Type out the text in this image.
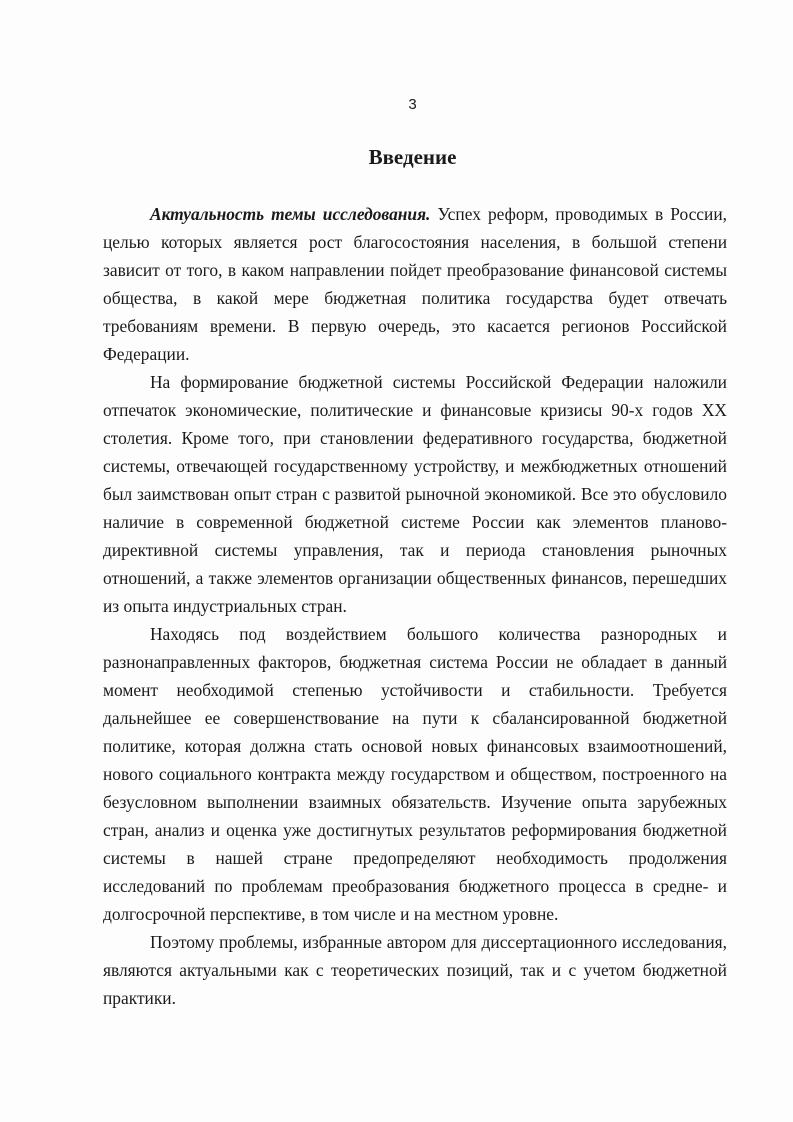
3
Введение

Актуальность темы исследования. Успех реформ, проводимых в России, целью которых является рост благосостояния населения, в большой степени зависит от того, в каком направлении пойдет преобразование финансовой системы общества, в какой мере бюджетная политика государства будет отвечать требованиям времени. В первую очередь, это касается регионов Российской Федерации.

На формирование бюджетной системы Российской Федерации наложили отпечаток экономические, политические и финансовые кризисы 90-х годов XX столетия. Кроме того, при становлении федеративного государства, бюджетной системы, отвечающей государственному устройству, и межбюджетных отношений был заимствован опыт стран с развитой рыночной экономикой. Все это обусловило наличие в современной бюджетной системе России как элементов планово-директивной системы управления, так и периода становления рыночных отношений, а также элементов организации общественных финансов, перешедших из опыта индустриальных стран.

Находясь под воздействием большого количества разнородных и разнонаправленных факторов, бюджетная система России не обладает в данный момент необходимой степенью устойчивости и стабильности. Требуется дальнейшее ее совершенствование на пути к сбалансированной бюджетной политике, которая должна стать основой новых финансовых взаимоотношений, нового социального контракта между государством и обществом, построенного на безусловном выполнении взаимных обязательств. Изучение опыта зарубежных стран, анализ и оценка уже достигнутых результатов реформирования бюджетной системы в нашей стране предопределяют необходимость продолжения исследований по проблемам преобразования бюджетного процесса в средне- и долгосрочной перспективе, в том числе и на местном уровне.

Поэтому проблемы, избранные автором для диссертационного исследования, являются актуальными как с теоретических позиций, так и с учетом бюджетной практики.
